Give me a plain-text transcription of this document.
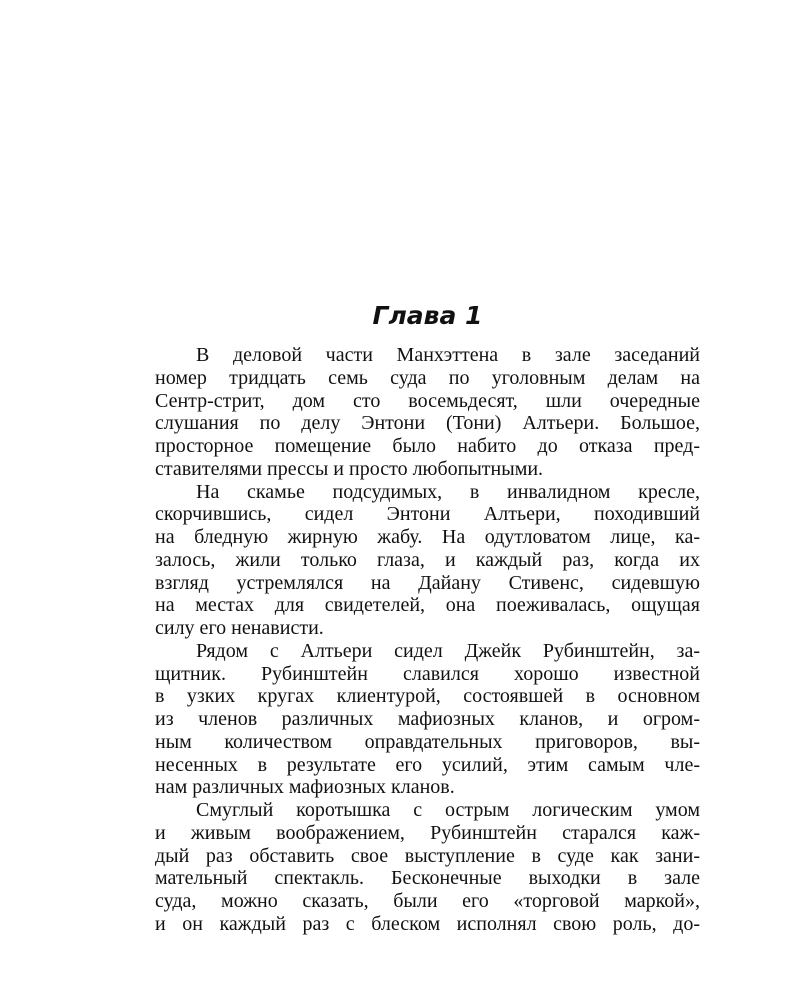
Глава 1
В деловой части Манхэттена в зале заседаний
номер тридцать семь суда по уголовным делам на
Сентр-стрит, дом сто восемьдесят, шли очередные
слушания по делу Энтони (Тони) Алтьери. Большое,
просторное помещение было набито до отказа пред-
ставителями прессы и просто любопытными.
На скамье подсудимых, в инвалидном кресле,
скорчившись, сидел Энтони Алтьери, походивший
на бледную жирную жабу. На одутловатом лице, ка-
залось, жили только глаза, и каждый раз, когда их
взгляд устремлялся на Дайану Стивенс, сидевшую
на местах для свидетелей, она поеживалась, ощущая
силу его ненависти.
Рядом с Алтьери сидел Джейк Рубинштейн, за-
щитник. Рубинштейн славился хорошо известной
в узких кругах клиентурой, состоявшей в основном
из членов различных мафиозных кланов, и огром-
ным количеством оправдательных приговоров, вы-
несенных в результате его усилий, этим самым чле-
нам различных мафиозных кланов.
Смуглый коротышка с острым логическим умом
и живым воображением, Рубинштейн старался каж-
дый раз обставить свое выступление в суде как зани-
мательный спектакль. Бесконечные выходки в зале
суда, можно сказать, были его «торговой маркой»,
и он каждый раз с блеском исполнял свою роль, до-
